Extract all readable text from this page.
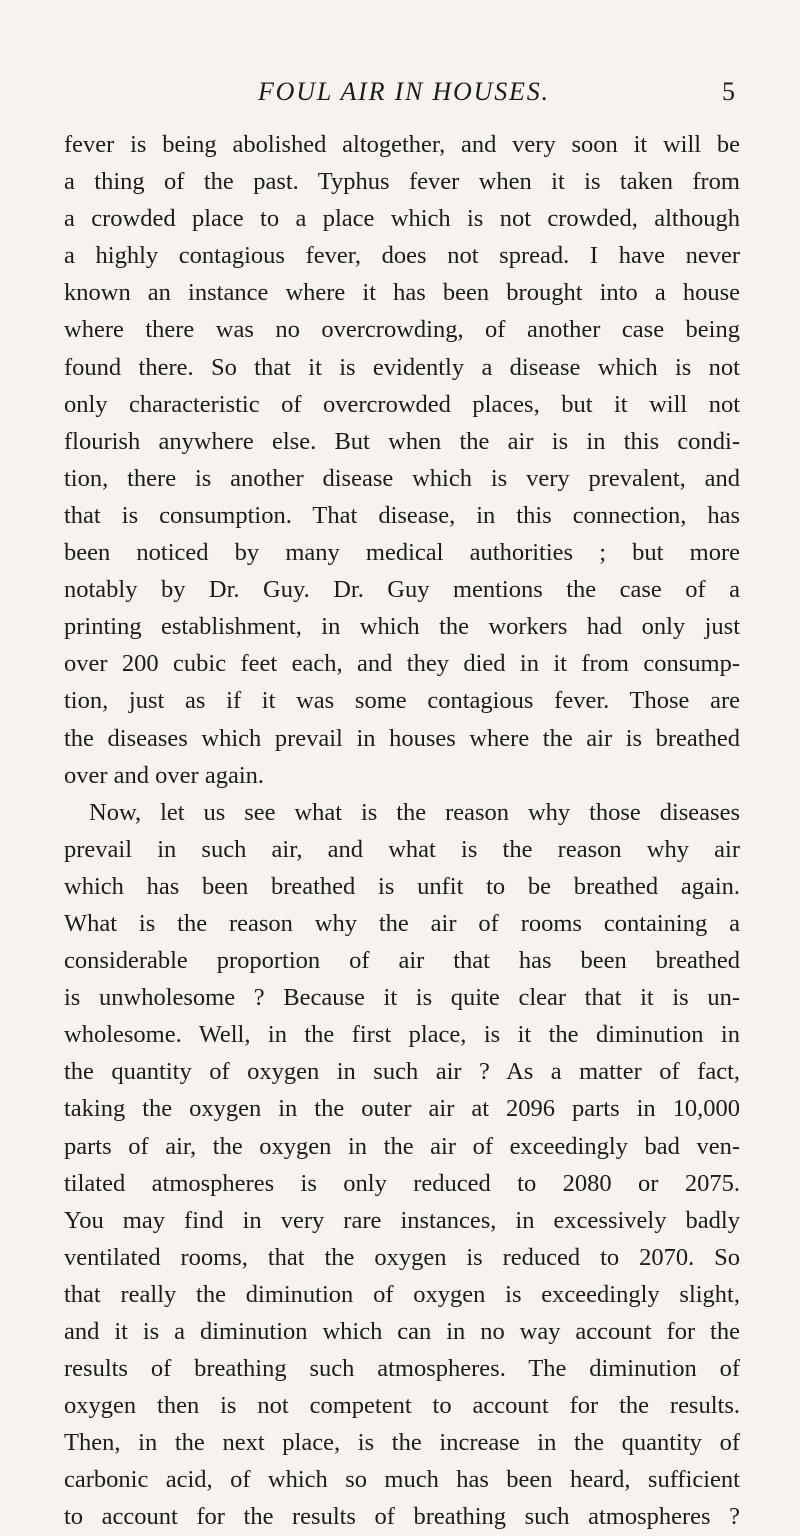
FOUL AIR IN HOUSES.	5
fever is being abolished altogether, and very soon it will be
a thing of the past. Typhus fever when it is taken from
a crowded place to a place which is not crowded, although
a highly contagious fever, does not spread. I have never
known an instance where it has been brought into a house
where there was no overcrowding, of another case being
found there. So that it is evidently a disease which is not
only characteristic of overcrowded places, but it will not
flourish anywhere else. But when the air is in this condi-
tion, there is another disease which is very prevalent, and
that is consumption. That disease, in this connection, has
been noticed by many medical authorities ; but more
notably by Dr. Guy. Dr. Guy mentions the case of a
printing establishment, in which the workers had only just
over 200 cubic feet each, and they died in it from consump-
tion, just as if it was some contagious fever. Those are
the diseases which prevail in houses where the air is breathed
over and over again.
Now, let us see what is the reason why those diseases
prevail in such air, and what is the reason why air
which has been breathed is unfit to be breathed again.
What is the reason why the air of rooms containing a
considerable proportion of air that has been breathed
is unwholesome ? Because it is quite clear that it is un-
wholesome. Well, in the first place, is it the diminution in
the quantity of oxygen in such air ? As a matter of fact,
taking the oxygen in the outer air at 2096 parts in 10,000
parts of air, the oxygen in the air of exceedingly bad ven-
tilated atmospheres is only reduced to 2080 or 2075.
You may find in very rare instances, in excessively badly
ventilated rooms, that the oxygen is reduced to 2070. So
that really the diminution of oxygen is exceedingly slight,
and it is a diminution which can in no way account for the
results of breathing such atmospheres. The diminution of
oxygen then is not competent to account for the results.
Then, in the next place, is the increase in the quantity of
carbonic acid, of which so much has been heard, sufficient
to account for the results of breathing such atmospheres ?
